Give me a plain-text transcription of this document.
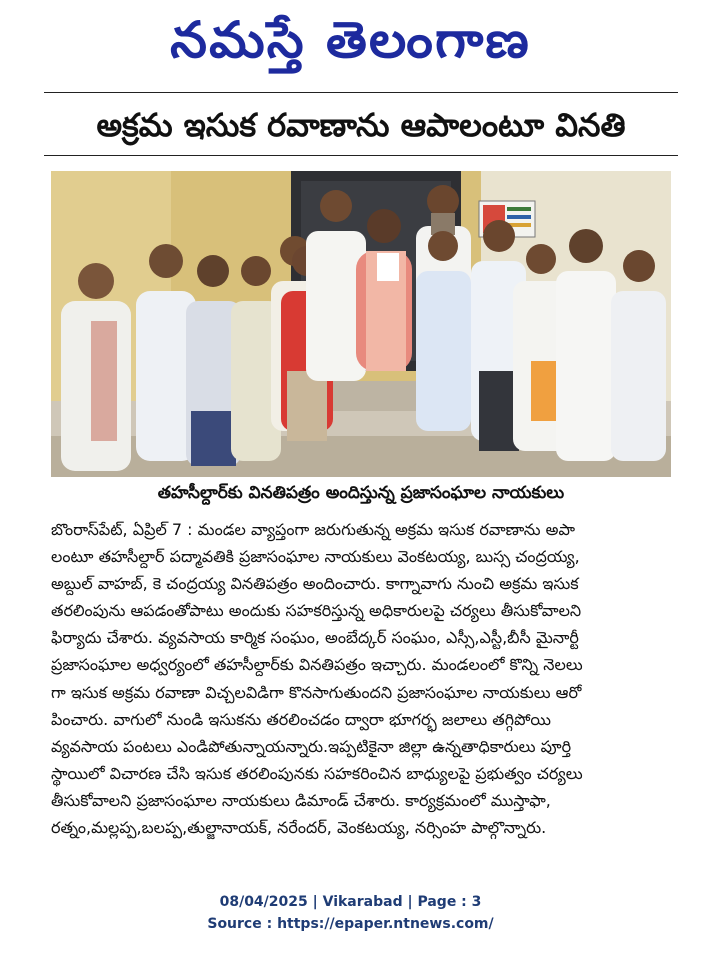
నమస్తే తెలంగాణ
అక్రమ ఇసుక రవాణాను ఆపాలంటూ వినతి
తహసీల్దార్‌కు వినతిపత్రం అందిస్తున్న ప్రజాసంఘాల నాయకులు
బొంరాస్‌పేట్, ఏప్రిల్ 7 : మండల వ్యాప్తంగా జరుగుతున్న అక్రమ ఇసుక రవాణాను అపా
లంటూ తహసీల్దార్ పద్మావతికి ప్రజాసంఘాల నాయకులు వెంకటయ్య, బుస్స చంద్రయ్య,
అబ్దుల్ వాహబ్, కె చంద్రయ్య వినతిపత్రం అందించారు. కాగ్నావాగు నుంచి అక్రమ ఇసుక
తరలింపును ఆపడంతోపాటు అందుకు సహకరిస్తున్న అధికారులపై చర్యలు తీసుకోవాలని
ఫిర్యాదు చేశారు. వ్యవసాయ కార్మిక సంఘం, అంబేద్కర్ సంఘం, ఎస్సీ,ఎస్టీ,బీసీ మైనార్టీ
ప్రజాసంఘాల అధ్వర్యంలో తహసీల్దార్‌కు వినతిపత్రం ఇచ్చారు. మండలంలో కొన్ని నెలలు
గా ఇసుక అక్రమ రవాణా విచ్చలవిడిగా కొనసాగుతుందని ప్రజాసంఘాల నాయకులు ఆరో
పించారు. వాగులో నుండి ఇసుకను తరలించడం ద్వారా భూగర్భ జలాలు తగ్గిపోయి
వ్యవసాయ పంటలు ఎండిపోతున్నాయన్నారు.ఇప్పటికైనా జిల్లా ఉన్నతాధికారులు పూర్తి
స్థాయిలో విచారణ చేసి ఇసుక తరలింపునకు సహకరించిన బాధ్యులపై ప్రభుత్వం చర్యలు
తీసుకోవాలని ప్రజాసంఘాల నాయకులు డిమాండ్ చేశారు. కార్యక్రమంలో ముస్తాఫా,
రత్నం,మల్లప్ప,బలప్ప,తుల్జానాయక్, నరేందర్, వెంకటయ్య, నర్సింహ పాల్గొన్నారు.
08/04/2025 | Vikarabad | Page : 3
Source : https://epaper.ntnews.com/
